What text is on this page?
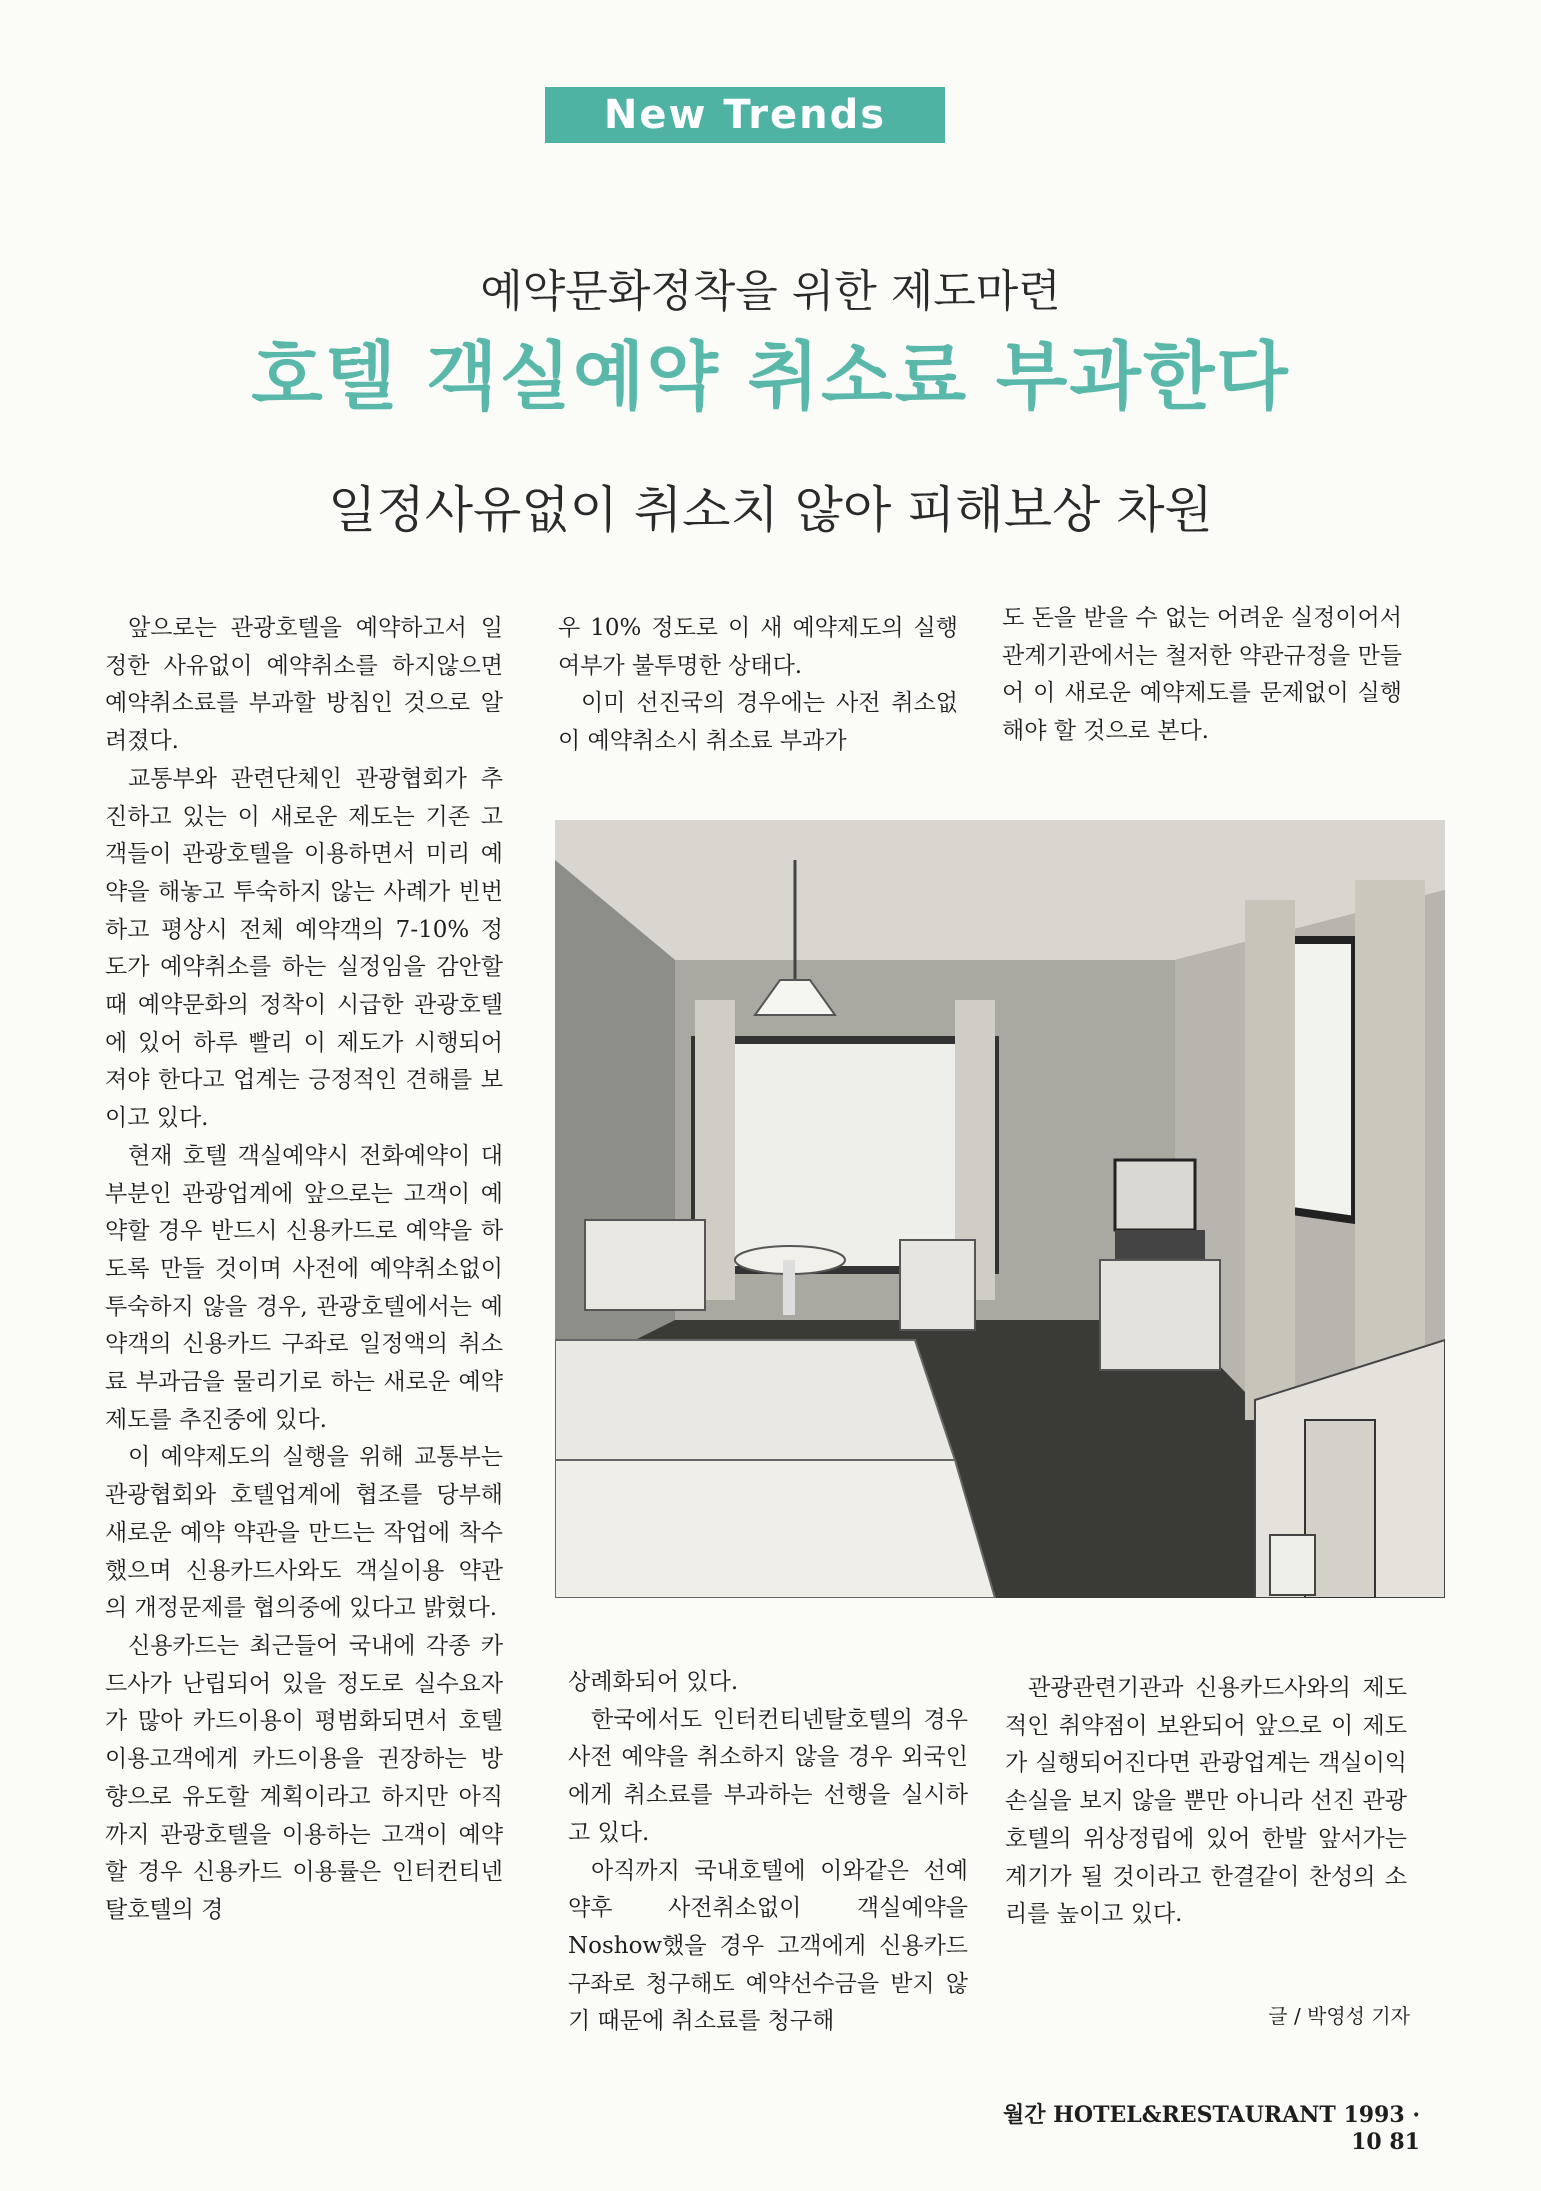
New Trends
예약문화정착을 위한 제도마련
호텔 객실예약 취소료 부과한다
일정사유없이 취소치 않아 피해보상 차원

앞으로는 관광호텔을 예약하고서 일정한 사유없이 예약취소를 하지않으면 예약취소료를 부과할 방침인 것으로 알려졌다.

교통부와 관련단체인 관광협회가 추진하고 있는 이 새로운 제도는 기존 고객들이 관광호텔을 이용하면서 미리 예약을 해놓고 투숙하지 않는 사례가 빈번하고 평상시 전체 예약객의 7-10% 정도가 예약취소를 하는 실정임을 감안할 때 예약문화의 정착이 시급한 관광호텔에 있어 하루 빨리 이 제도가 시행되어져야 한다고 업계는 긍정적인 견해를 보이고 있다.

현재 호텔 객실예약시 전화예약이 대부분인 관광업계에 앞으로는 고객이 예약할 경우 반드시 신용카드로 예약을 하도록 만들 것이며 사전에 예약취소없이 투숙하지 않을 경우, 관광호텔에서는 예약객의 신용카드 구좌로 일정액의 취소료 부과금을 물리기로 하는 새로운 예약제도를 추진중에 있다.

이 예약제도의 실행을 위해 교통부는 관광협회와 호텔업계에 협조를 당부해 새로운 예약 약관을 만드는 작업에 착수했으며 신용카드사와도 객실이용 약관의 개정문제를 협의중에 있다고 밝혔다.

신용카드는 최근들어 국내에 각종 카드사가 난립되어 있을 정도로 실수요자가 많아 카드이용이 평범화되면서 호텔이용고객에게 카드이용을 권장하는 방향으로 유도할 계획이라고 하지만 아직까지 관광호텔을 이용하는 고객이 예약할 경우 신용카드 이용률은 인터컨티넨탈호텔의 경

우 10% 정도로 이 새 예약제도의 실행여부가 불투명한 상태다.

이미 선진국의 경우에는 사전 취소없이 예약취소시 취소료 부과가

도 돈을 받을 수 없는 어려운 실정이어서 관계기관에서는 철저한 약관규정을 만들어 이 새로운 예약제도를 문제없이 실행해야 할 것으로 본다.

상례화되어 있다.

한국에서도 인터컨티넨탈호텔의 경우 사전 예약을 취소하지 않을 경우 외국인에게 취소료를 부과하는 선행을 실시하고 있다.

아직까지 국내호텔에 이와같은 선예약후 사전취소없이 객실예약을 Noshow했을 경우 고객에게 신용카드 구좌로 청구해도 예약선수금을 받지 않기 때문에 취소료를 청구해

관광관련기관과 신용카드사와의 제도적인 취약점이 보완되어 앞으로 이 제도가 실행되어진다면 관광업계는 객실이익 손실을 보지 않을 뿐만 아니라 선진 관광호텔의 위상정립에 있어 한발 앞서가는 계기가 될 것이라고 한결같이 찬성의 소리를 높이고 있다.

글 / 박영성 기자
월간 HOTEL&RESTAURANT 1993 · 10 81
